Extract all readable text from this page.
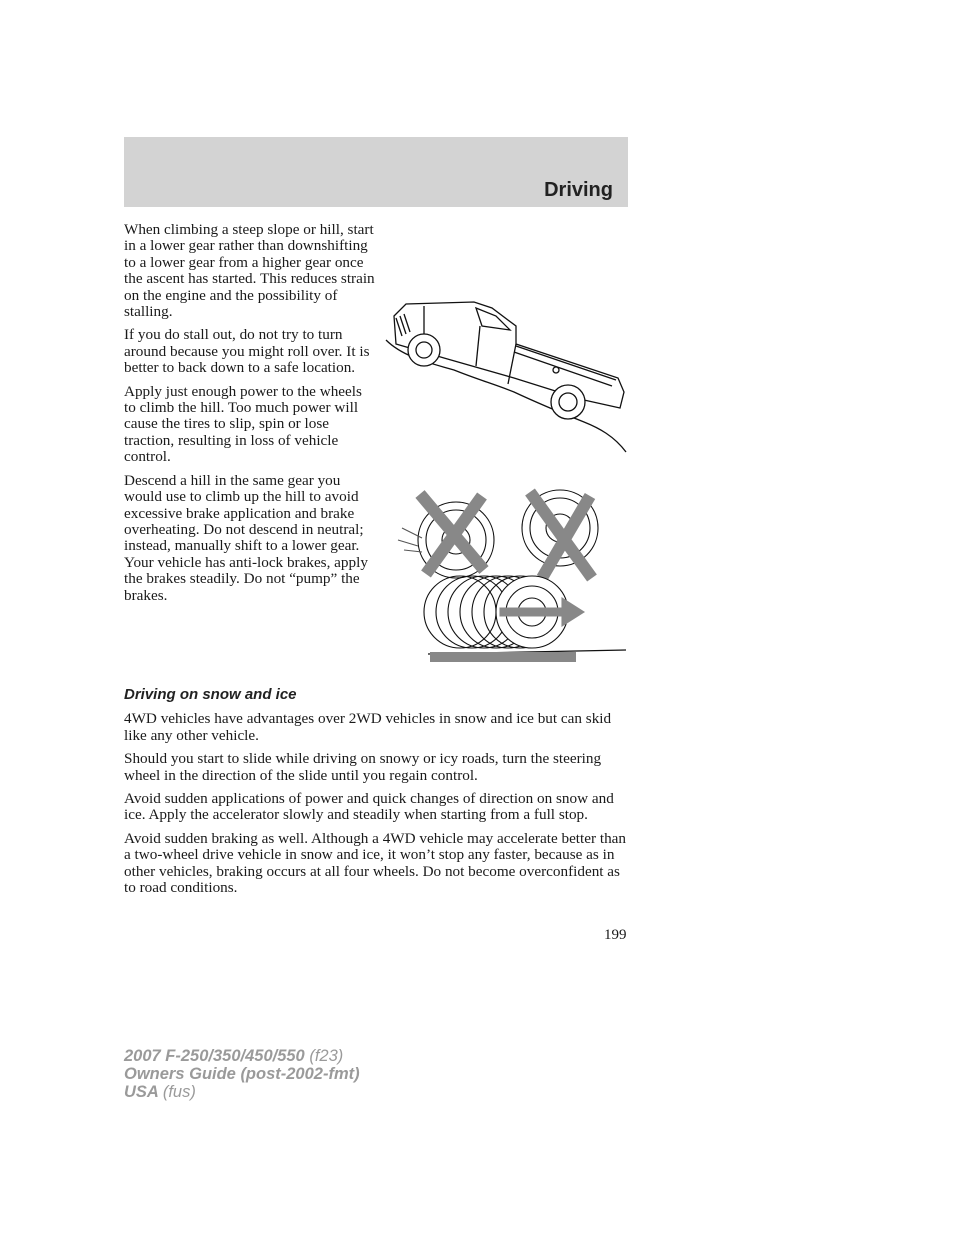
Driving

When climbing a steep slope or hill, start in a lower gear rather than downshifting to a lower gear from a higher gear once the ascent has started. This reduces strain on the engine and the possibility of stalling.

If you do stall out, do not try to turn around because you might roll over. It is better to back down to a safe location.

Apply just enough power to the wheels to climb the hill. Too much power will cause the tires to slip, spin or lose traction, resulting in loss of vehicle control.

Descend a hill in the same gear you would use to climb up the hill to avoid excessive brake application and brake overheating. Do not descend in neutral; instead, manually shift to a lower gear. Your vehicle has anti-lock brakes, apply the brakes steadily. Do not “pump” the brakes.

Driving on snow and ice

4WD vehicles have advantages over 2WD vehicles in snow and ice but can skid like any other vehicle.

Should you start to slide while driving on snowy or icy roads, turn the steering wheel in the direction of the slide until you regain control.

Avoid sudden applications of power and quick changes of direction on snow and ice. Apply the accelerator slowly and steadily when starting from a full stop.

Avoid sudden braking as well. Although a 4WD vehicle may accelerate better than a two-wheel drive vehicle in snow and ice, it won’t stop any faster, because as in other vehicles, braking occurs at all four wheels. Do not become overconfident as to road conditions.

199
2007 F-250/350/450/550 (f23)
Owners Guide (post-2002-fmt)
USA (fus)
